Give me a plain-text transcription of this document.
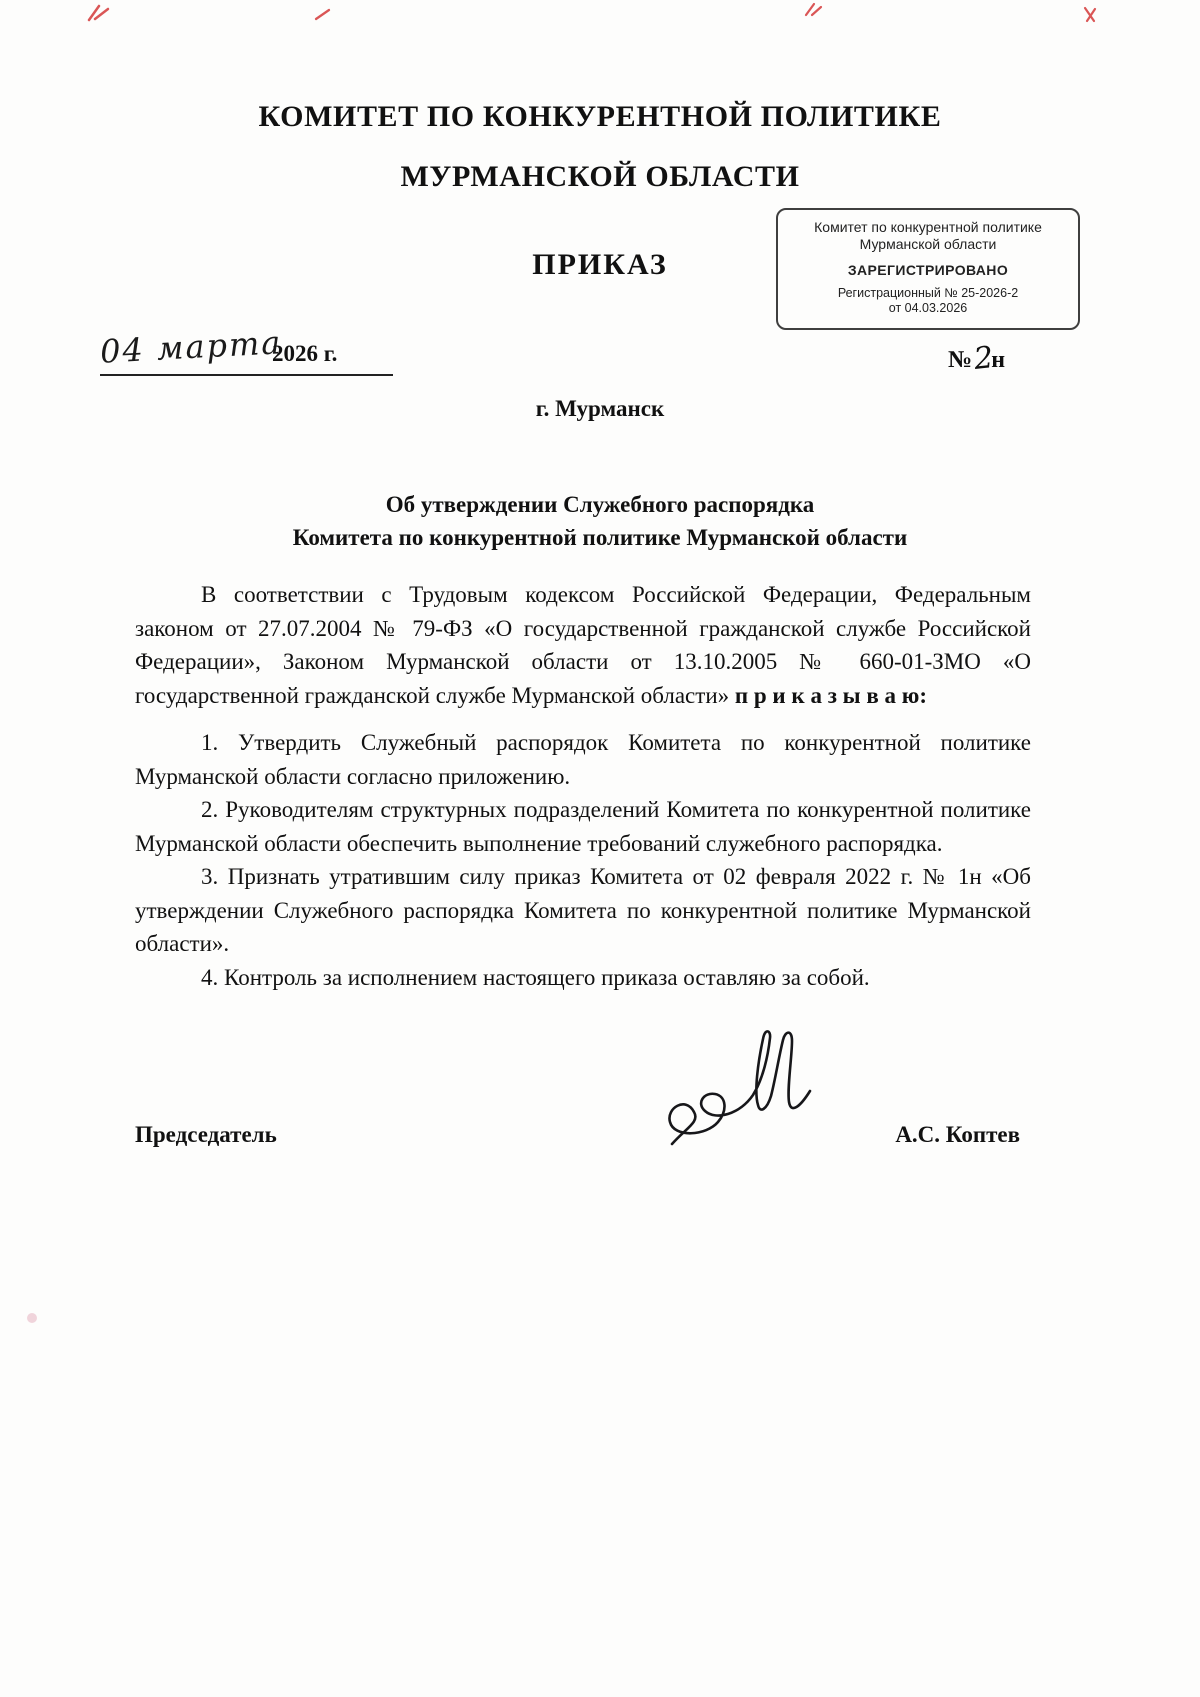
КОМИТЕТ ПО КОНКУРЕНТНОЙ ПОЛИТИКЕ
МУРМАНСКОЙ ОБЛАСТИ
ПРИКАЗ
Комитет по конкурентной политике
Мурманской области
ЗАРЕГИСТРИРОВАНО
Регистрационный № 25-2026-2
от 04.03.2026
04 марта
2026 г.	№2н
г. Мурманск
Об утверждении Служебного распорядка
Комитета по конкурентной политике Мурманской области

В соответствии с Трудовым кодексом Российской Федерации, Федеральным законом от 27.07.2004 № 79-ФЗ «О государственной гражданской службе Российской Федерации», Законом Мурманской области от 13.10.2005 № 660-01-ЗМО «О государственной гражданской службе Мурманской области» п р и к а з ы в а ю:

1. Утвердить Служебный распорядок Комитета по конкурентной политике Мурманской области согласно приложению.

2. Руководителям структурных подразделений Комитета по конкурентной политике Мурманской области обеспечить выполнение требований служебного распорядка.

3. Признать утратившим силу приказ Комитета от 02 февраля 2022 г. № 1н «Об утверждении Служебного распорядка Комитета по конкурентной политике Мурманской области».

4. Контроль за исполнением настоящего приказа оставляю за собой.

Председатель	А.С. Коптев
